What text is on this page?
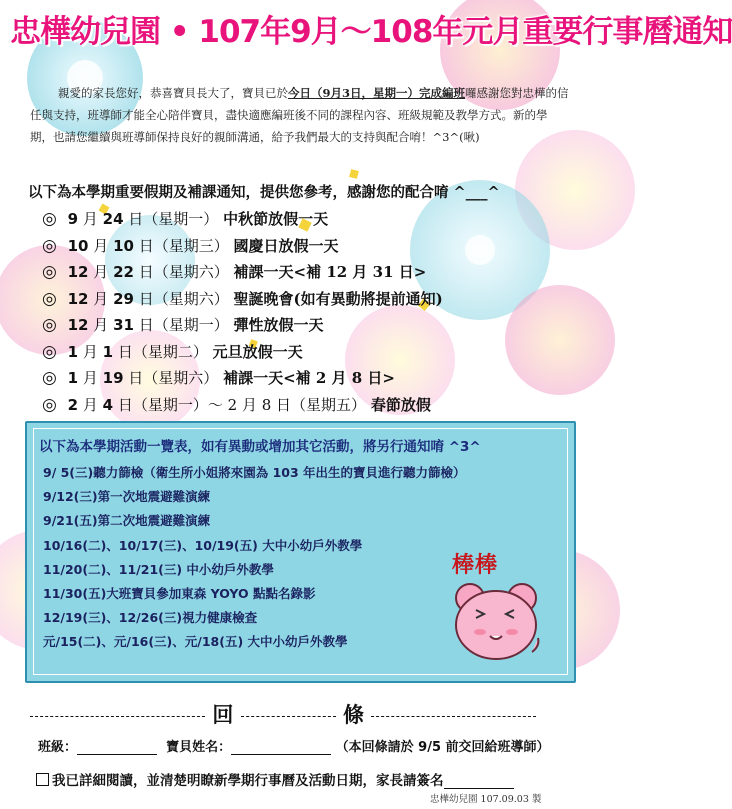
忠樺幼兒園 • 107年9月～108年元月重要行事曆通知
親愛的家長您好，恭喜寶貝長大了，寶貝已於今日（9月3日，星期一）完成編班囉感謝您對忠樺的信任與支持，班導師才能全心陪伴寶貝，盡快適應編班後不同的課程內容、班級規範及教學方式。新的學期，也請您繼續與班導師保持良好的親師溝通，給予我們最大的支持與配合唷！^3^(啾)
以下為本學期重要假期及補課通知，提供您參考，感謝您的配合唷 ^___^
◎ 9 月 24 日（星期一） 中秋節放假一天
◎ 10 月 10 日（星期三） 國慶日放假一天
◎ 12 月 22 日（星期六） 補課一天<補 12 月 31 日>
◎ 12 月 29 日（星期六） 聖誕晚會(如有異動將提前通知)
◎ 12 月 31 日（星期一） 彈性放假一天
◎ 1 月 1 日（星期二） 元旦放假一天
◎ 1 月 19 日（星期六） 補課一天<補 2 月 8 日>
◎ 2 月 4 日（星期一）～ 2 月 8 日（星期五） 春節放假
以下為本學期活動一覽表，如有異動或增加其它活動，將另行通知唷 ^3^
9/ 5(三)聽力篩檢（衛生所小姐將來園為 103 年出生的寶貝進行聽力篩檢）
9/12(三)第一次地震避難演練
9/21(五)第二次地震避難演練
10/16(二)、10/17(三)、10/19(五) 大中小幼戶外教學
11/20(二)、11/21(三) 中小幼戶外教學
11/30(五)大班寶貝參加東森 YOYO 點點名錄影
12/19(三)、12/26(三)視力健康檢查
元/15(二)、元/16(三)、元/18(五) 大中小幼戶外教學
棒棒
回	條
班級：	寶貝姓名：	（本回條請於 9/5 前交回給班導師）
我已詳細閱讀，並清楚明瞭新學期行事曆及活動日期，家長請簽名
忠樺幼兒園 107.09.03 製
